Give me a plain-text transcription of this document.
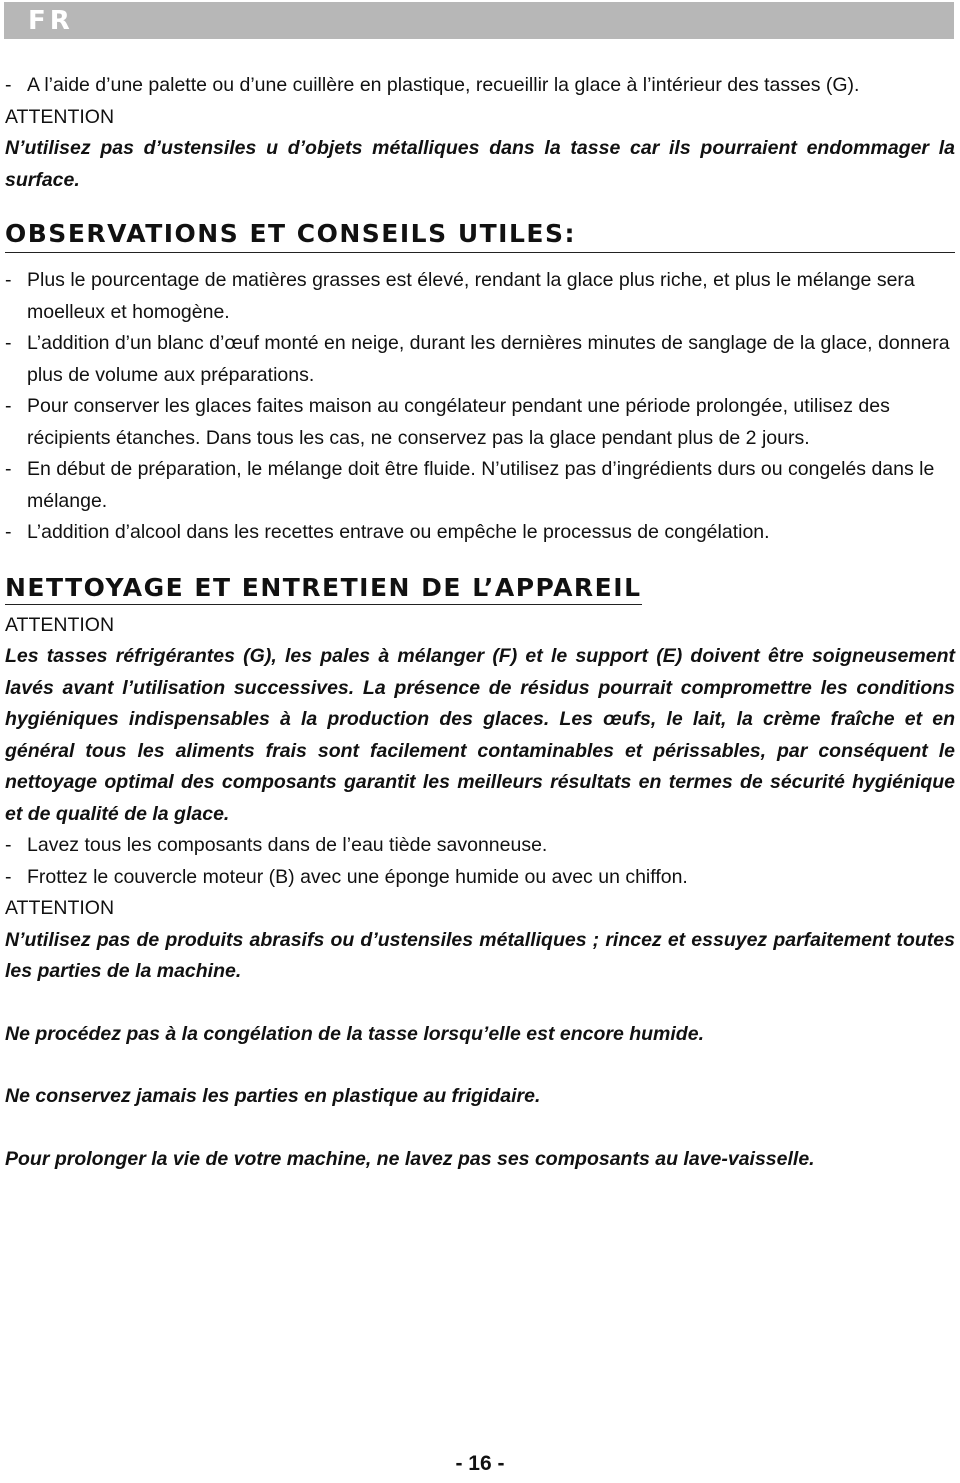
FR

- A l’aide d’une palette ou d’une cuillère en plastique, recueillir la glace à l’intérieur des tasses (G).

ATTENTION

N’utilisez pas d’ustensiles u d’objets métalliques dans la tasse car ils pourraient endommager la surface.

OBSERVATIONS ET CONSEILS UTILES:

- Plus le pourcentage de matières grasses est élevé, rendant la glace plus riche, et plus le mélange sera moelleux et homogène.

- L’addition d’un blanc d’œuf monté en neige, durant les dernières minutes de sanglage de la glace, donnera plus de volume aux préparations.

- Pour conserver les glaces faites maison au congélateur pendant une période prolongée, utilisez des récipients étanches. Dans tous les cas, ne conservez pas la glace pendant plus de 2 jours.

- En début de préparation, le mélange doit être fluide. N’utilisez pas d’ingrédients durs ou congelés dans le mélange.

- L’addition d’alcool dans les recettes entrave ou empêche le processus de congélation.

NETTOYAGE ET ENTRETIEN DE L’APPAREIL

ATTENTION

Les tasses réfrigérantes (G), les pales à mélanger (F) et le support (E) doivent être soigneusement lavés avant l’utilisation successives. La présence de résidus pourrait compromettre les conditions hygiéniques indispensables à la production des glaces. Les œufs, le lait, la crème fraîche et en général tous les aliments frais sont facilement contaminables et périssables, par conséquent le nettoyage optimal des composants garantit les meilleurs résultats en termes de sécurité hygiénique et de qualité de la glace.

- Lavez tous les composants dans de l’eau tiède savonneuse.

- Frottez le couvercle moteur (B) avec une éponge humide ou avec un chiffon.

ATTENTION

N’utilisez pas de produits abrasifs ou d’ustensiles métalliques ; rincez et essuyez parfaitement toutes les parties de la machine.

Ne procédez pas à la congélation de la tasse lorsqu’elle est encore humide.

Ne conservez jamais les parties en plastique au frigidaire.

Pour prolonger la vie de votre machine, ne lavez pas ses composants au lave-vaisselle.

- 16 -
